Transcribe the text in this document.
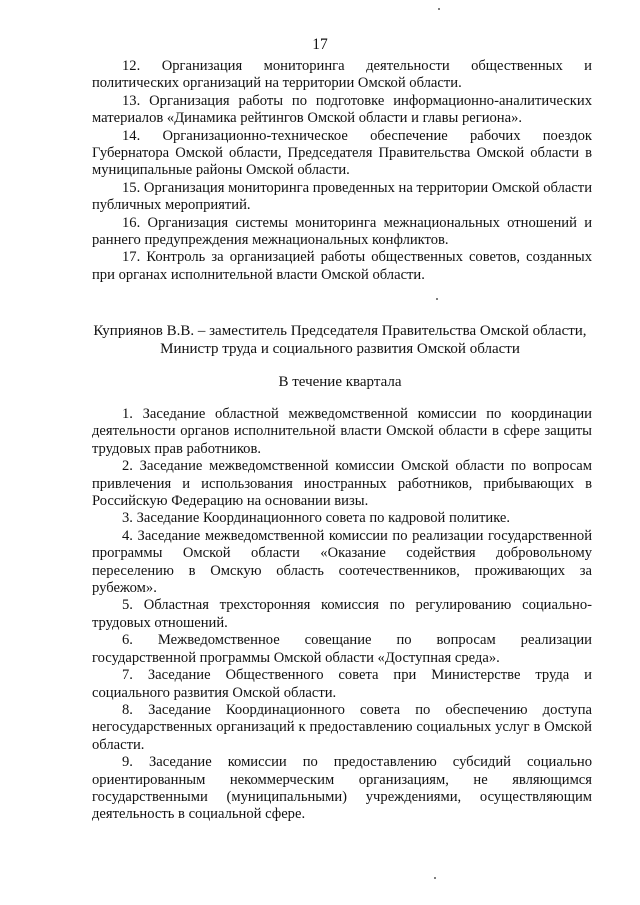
17
12. Организация мониторинга деятельности общественных и политических организаций на территории Омской области.
13. Организация работы по подготовке информационно-аналитических материалов «Динамика рейтингов Омской области и главы региона».
14. Организационно-техническое обеспечение рабочих поездок Губернатора Омской области, Председателя Правительства Омской области в муниципальные районы Омской области.
15. Организация мониторинга проведенных на территории Омской области публичных мероприятий.
16. Организация системы мониторинга межнациональных отношений и раннего предупреждения межнациональных конфликтов.
17. Контроль за организацией работы общественных советов, созданных при органах исполнительной власти Омской области.
Куприянов В.В. – заместитель Председателя Правительства Омской области,
Министр труда и социального развития Омской области
В течение квартала
1. Заседание областной межведомственной комиссии по координации деятельности органов исполнительной власти Омской области в сфере защиты трудовых прав работников.
2. Заседание межведомственной комиссии Омской области по вопросам привлечения и использования иностранных работников, прибывающих в Российскую Федерацию на основании визы.
3. Заседание Координационного совета по кадровой политике.
4. Заседание межведомственной комиссии по реализации государственной программы Омской области «Оказание содействия добровольному переселению в Омскую область соотечественников, проживающих за рубежом».
5. Областная трехсторонняя комиссия по регулированию социально-трудовых отношений.
6. Межведомственное совещание по вопросам реализации государственной программы Омской области «Доступная среда».
7. Заседание Общественного совета при Министерстве труда и социального развития Омской области.
8. Заседание Координационного совета по обеспечению доступа негосударственных организаций к предоставлению социальных услуг в Омской области.
9. Заседание комиссии по предоставлению субсидий социально ориентированным некоммерческим организациям, не являющимся государственными (муниципальными) учреждениями, осуществляющим деятельность в социальной сфере.
